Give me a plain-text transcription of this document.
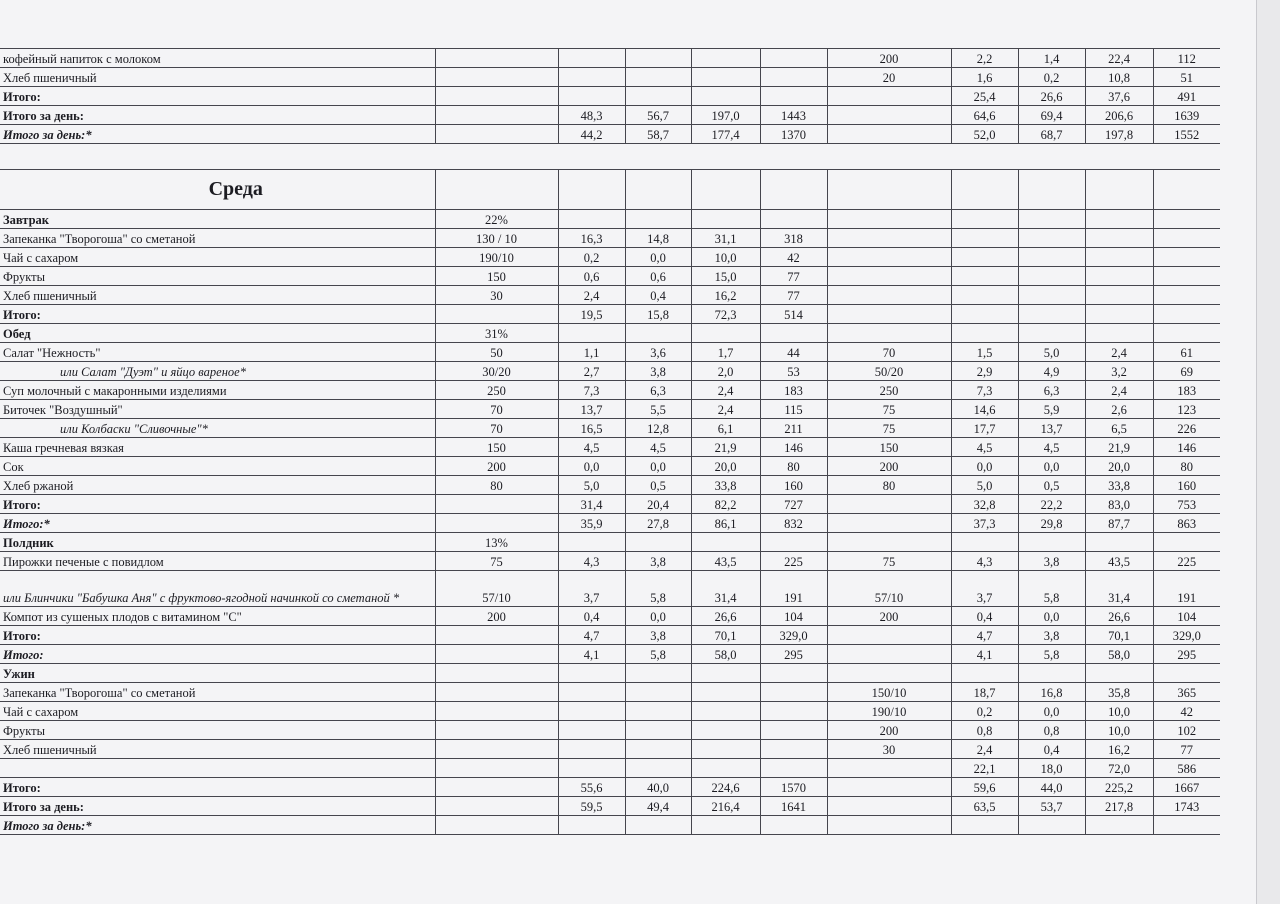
кофейный напиток с молоком						200	2,2	1,4	22,4	112
Хлеб пшеничный						20	1,6	0,2	10,8	51
Итого:							25,4	26,6	37,6	491
Итого за день:		48,3	56,7	197,0	1443		64,6	69,4	206,6	1639
Итого за день:*		44,2	58,7	177,4	1370		52,0	68,7	197,8	1552

Среда										
Завтрак	22%									
Запеканка "Творогоша" со сметаной	130 / 10	16,3	14,8	31,1	318					
Чай с сахаром	190/10	0,2	0,0	10,0	42					
Фрукты	150	0,6	0,6	15,0	77					
Хлеб пшеничный	30	2,4	0,4	16,2	77					
Итого:		19,5	15,8	72,3	514					
Обед	31%									
Салат "Нежность"	50	1,1	3,6	1,7	44	70	1,5	5,0	2,4	61
или Салат "Дуэт" и яйцо вареное*	30/20	2,7	3,8	2,0	53	50/20	2,9	4,9	3,2	69
Суп молочный с макаронными изделиями	250	7,3	6,3	2,4	183	250	7,3	6,3	2,4	183
Биточек "Воздушный"	70	13,7	5,5	2,4	115	75	14,6	5,9	2,6	123
или Колбаски "Сливочные"*	70	16,5	12,8	6,1	211	75	17,7	13,7	6,5	226
Каша гречневая вязкая	150	4,5	4,5	21,9	146	150	4,5	4,5	21,9	146
Сок	200	0,0	0,0	20,0	80	200	0,0	0,0	20,0	80
Хлеб ржаной	80	5,0	0,5	33,8	160	80	5,0	0,5	33,8	160
Итого:		31,4	20,4	82,2	727		32,8	22,2	83,0	753
Итого:*		35,9	27,8	86,1	832		37,3	29,8	87,7	863
Полдник	13%									
Пирожки печеные с повидлом	75	4,3	3,8	43,5	225	75	4,3	3,8	43,5	225
или Блинчики "Бабушка Аня" с фруктово-ягодной начинкой со сметаной *	57/10	3,7	5,8	31,4	191	57/10	3,7	5,8	31,4	191
Компот из сушеных плодов с витамином "С"	200	0,4	0,0	26,6	104	200	0,4	0,0	26,6	104
Итого:		4,7	3,8	70,1	329,0		4,7	3,8	70,1	329,0
Итого:		4,1	5,8	58,0	295		4,1	5,8	58,0	295
Ужин										
Запеканка "Творогоша" со сметаной						150/10	18,7	16,8	35,8	365
Чай с сахаром						190/10	0,2	0,0	10,0	42
Фрукты						200	0,8	0,8	10,0	102
Хлеб пшеничный						30	2,4	0,4	16,2	77
							22,1	18,0	72,0	586
Итого:		55,6	40,0	224,6	1570		59,6	44,0	225,2	1667
Итого за день:		59,5	49,4	216,4	1641		63,5	53,7	217,8	1743
Итого за день:*										
